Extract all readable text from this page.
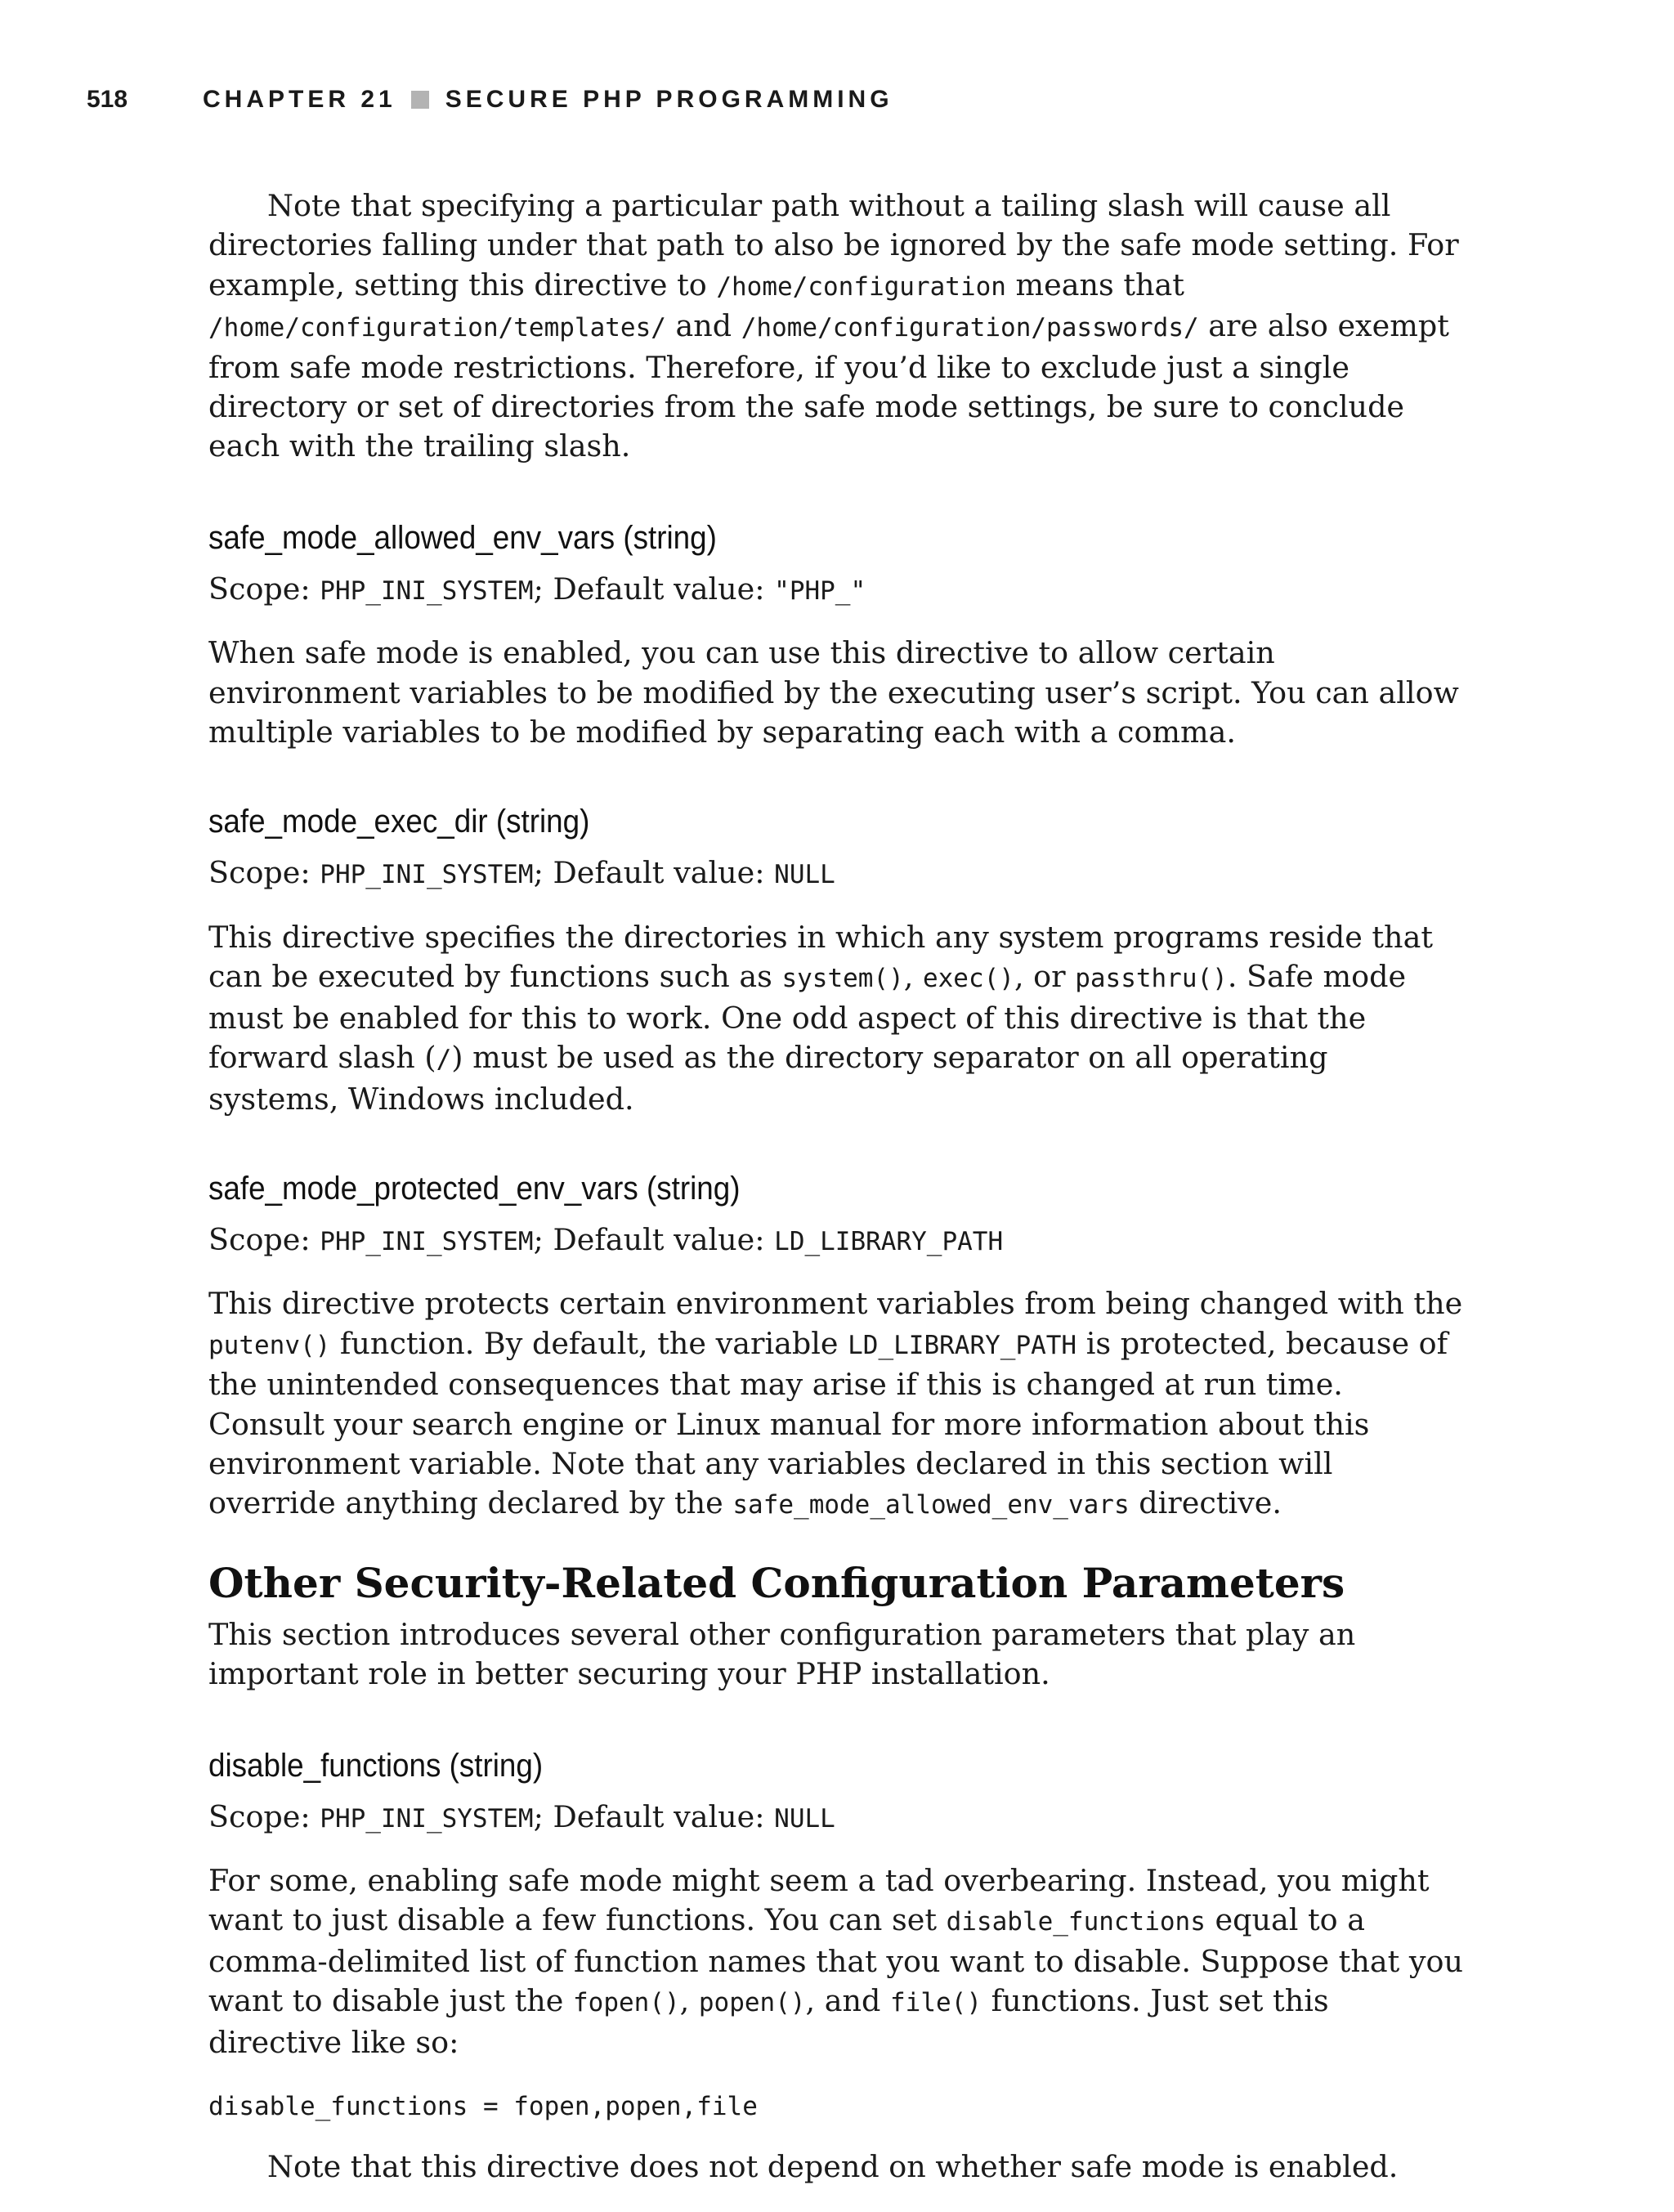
518	CHAPTER 21 SECURE PHP PROGRAMMING

Note that specifying a particular path without a tailing slash will cause all directories falling under that path to also be ignored by the safe mode setting. For example, setting this directive to /home/configuration means that /home/configuration/templates/ and /home/configuration/passwords/ are also exempt from safe mode restrictions. Therefore, if you’d like to exclude just a single directory or set of directories from the safe mode settings, be sure to conclude each with the trailing slash.

safe_mode_allowed_env_vars (string)

Scope: PHP_INI_SYSTEM; Default value: "PHP_"

When safe mode is enabled, you can use this directive to allow certain environment variables to be modified by the executing user’s script. You can allow multiple variables to be modified by separating each with a comma.

safe_mode_exec_dir (string)

Scope: PHP_INI_SYSTEM; Default value: NULL

This directive specifies the directories in which any system programs reside that can be executed by functions such as system(), exec(), or passthru(). Safe mode must be enabled for this to work. One odd aspect of this directive is that the forward slash (/) must be used as the directory separator on all operating systems, Windows included.

safe_mode_protected_env_vars (string)

Scope: PHP_INI_SYSTEM; Default value: LD_LIBRARY_PATH

This directive protects certain environment variables from being changed with the putenv() function. By default, the variable LD_LIBRARY_PATH is protected, because of the unintended consequences that may arise if this is changed at run time. Consult your search engine or Linux manual for more information about this environment variable. Note that any variables declared in this section will override anything declared by the safe_mode_allowed_env_vars directive.

Other Security-Related Configuration Parameters

This section introduces several other configuration parameters that play an important role in better securing your PHP installation.

disable_functions (string)

Scope: PHP_INI_SYSTEM; Default value: NULL

For some, enabling safe mode might seem a tad overbearing. Instead, you might want to just disable a few functions. You can set disable_functions equal to a comma-delimited list of function names that you want to disable. Suppose that you want to disable just the fopen(), popen(), and file() functions. Just set this directive like so:

disable_functions = fopen,popen,file

Note that this directive does not depend on whether safe mode is enabled.
